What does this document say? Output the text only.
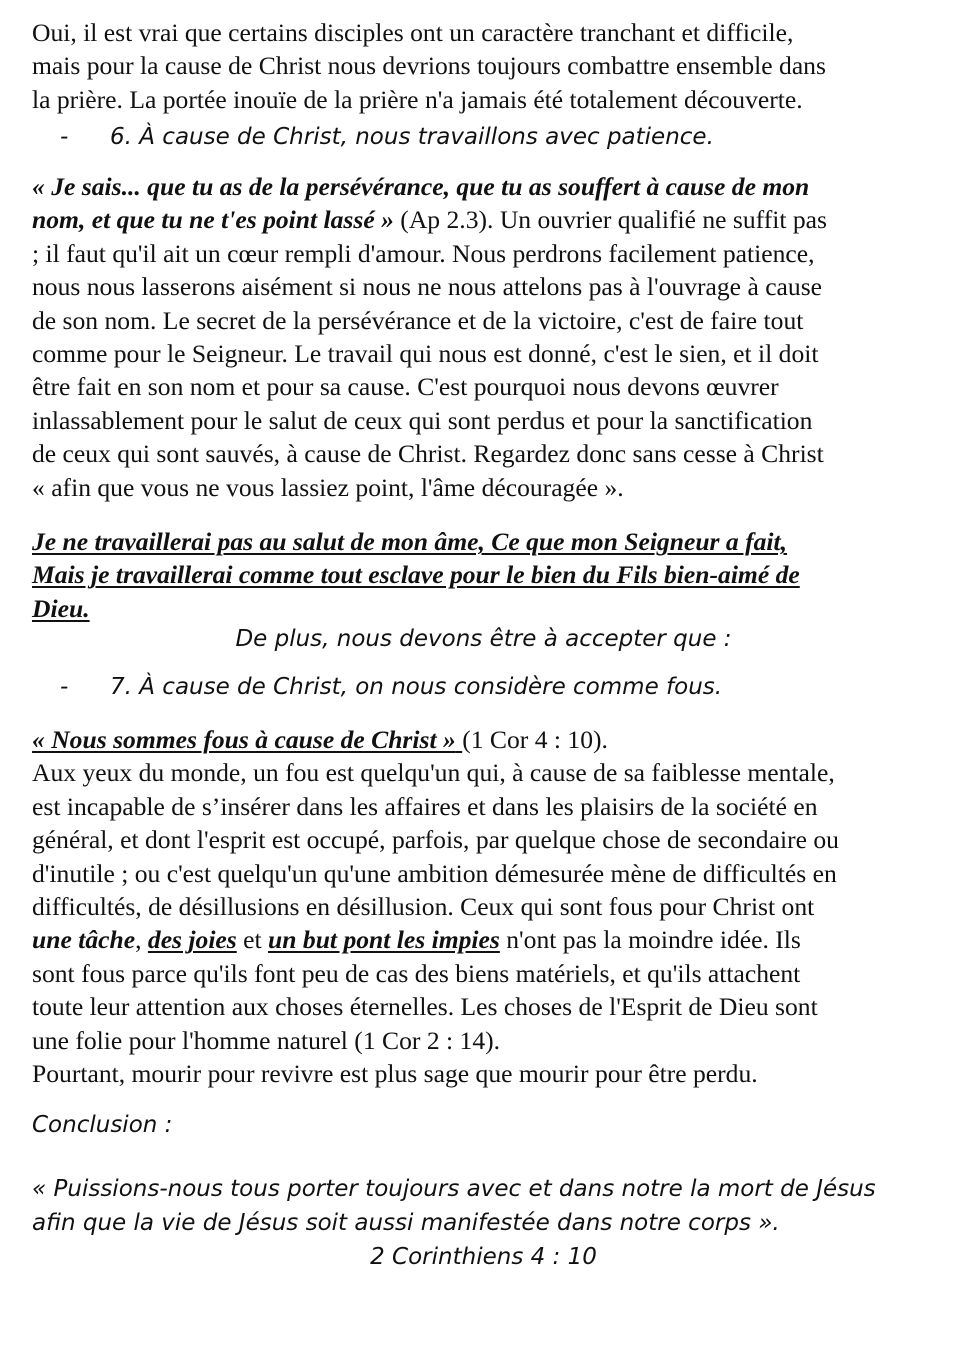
Oui, il est vrai que certains disciples ont un caractère tranchant et difficile,
mais pour la cause de Christ nous devrions toujours combattre ensemble dans
la prière. La portée inouïe de la prière n'a jamais été totalement découverte.

- 6. À cause de Christ, nous travaillons avec patience.

« Je sais... que tu as de la persévérance, que tu as souffert à cause de mon
nom, et que tu ne t'es point lassé » (Ap 2.3). Un ouvrier qualifié ne suffit pas
; il faut qu'il ait un cœur rempli d'amour. Nous perdrons facilement patience,
nous nous lasserons aisément si nous ne nous attelons pas à l'ouvrage à cause
de son nom. Le secret de la persévérance et de la victoire, c'est de faire tout
comme pour le Seigneur. Le travail qui nous est donné, c'est le sien, et il doit
être fait en son nom et pour sa cause. C'est pourquoi nous devons œuvrer
inlassablement pour le salut de ceux qui sont perdus et pour la sanctification
de ceux qui sont sauvés, à cause de Christ. Regardez donc sans cesse à Christ
« afin que vous ne vous lassiez point, l'âme découragée ».
Je ne travaillerai pas au salut de mon âme, Ce que mon Seigneur a fait,
Mais je travaillerai comme tout esclave pour le bien du Fils bien-aimé de
Dieu.

De plus, nous devons être à accepter que :

- 7. À cause de Christ, on nous considère comme fous.

« Nous sommes fous à cause de Christ » (1 Cor 4 : 10).
Aux yeux du monde, un fou est quelqu'un qui, à cause de sa faiblesse mentale,
est incapable de s’insérer dans les affaires et dans les plaisirs de la société en
général, et dont l'esprit est occupé, parfois, par quelque chose de secondaire ou
d'inutile ; ou c'est quelqu'un qu'une ambition démesurée mène de difficultés en
difficultés, de désillusions en désillusion. Ceux qui sont fous pour Christ ont
une tâche, des joies et un but pont les impies n'ont pas la moindre idée. Ils
sont fous parce qu'ils font peu de cas des biens matériels, et qu'ils attachent
toute leur attention aux choses éternelles. Les choses de l'Esprit de Dieu sont
une folie pour l'homme naturel (1 Cor 2 : 14).
Pourtant, mourir pour revivre est plus sage que mourir pour être perdu.

Conclusion :

« Puissions-nous tous porter toujours avec et dans notre la mort de Jésus
afin que la vie de Jésus soit aussi manifestée dans notre corps ».

2 Corinthiens 4 : 10
